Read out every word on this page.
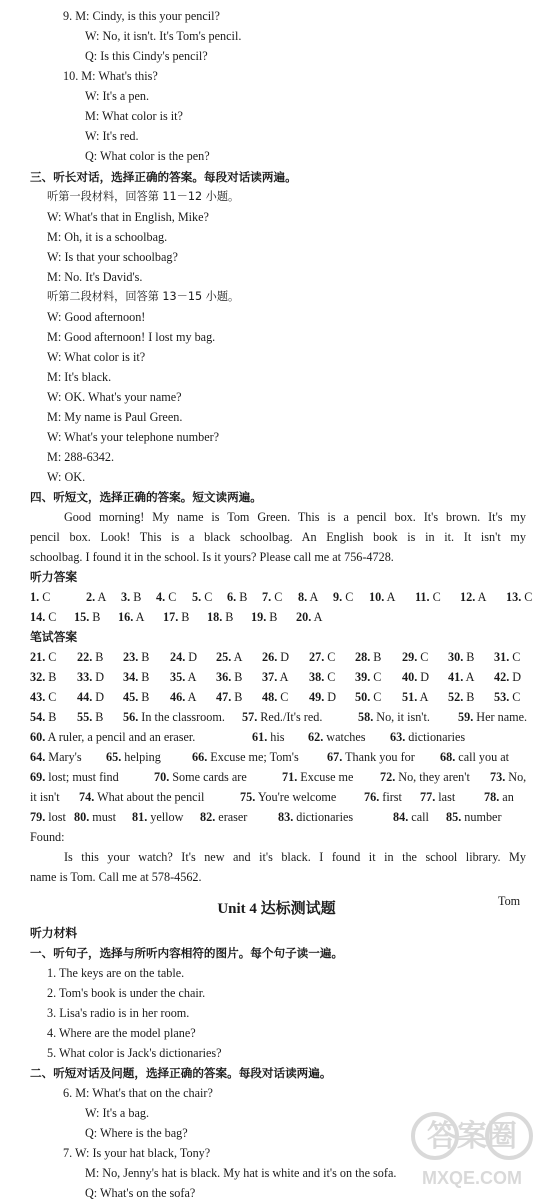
9. M: Cindy, is this your pencil?
W: No, it isn't. It's Tom's pencil.
Q: Is this Cindy's pencil?
10. M: What's this?
W: It's a pen.
M: What color is it?
W: It's red.
Q: What color is the pen?
三、听长对话，选择正确的答案。每段对话读两遍。
听第一段材料，回答第 11－12 小题。
W: What's that in English, Mike?
M: Oh, it is a schoolbag.
W: Is that your schoolbag?
M: No. It's David's.
听第二段材料，回答第 13－15 小题。
W: Good afternoon!
M: Good afternoon! I lost my bag.
W: What color is it?
M: It's black.
W: OK. What's your name?
M: My name is Paul Green.
W: What's your telephone number?
M: 288-6342.
W: OK.
四、听短文，选择正确的答案。短文读两遍。
Good morning! My name is Tom Green. This is a pencil box. It's brown. It's my
pencil box. Look! This is a black schoolbag. An English book is in it. It isn't my
schoolbag. I found it in the school. Is it yours? Please call me at 756-4728.
听力答案
1. C	2. A 3. B 4. C 5. C 6. B 7. C 8. A 9. C 10. A 11. C 12. A 13. C
14. C 15. B 16. A 17. B 18. B 19. B 20. A
笔试答案
21. C 22. B 23. B 24. D 25. A 26. D 27. C 28. B 29. C 30. B 31. C
32. B 33. D 34. B 35. A 36. B 37. A 38. C 39. C 40. D 41. A 42. D
43. C 44. D 45. B 46. A 47. B 48. C 49. D 50. C 51. A 52. B 53. C
54. B 55. B 56. In the classroom. 57. Red./It's red.	58. No, it isn't. 59. Her name.
60. A ruler, a pencil and an eraser.	61. his 62. watches 63. dictionaries
64. Mary's 65. helping	66. Excuse me; Tom's 67. Thank you for 68. call you at
69. lost; must find	70. Some cards are	71. Excuse me 72. No, they aren't 73. No,
it isn't 74. What about the pencil	75. You're welcome 76. first 77. last 78. an
79. lost 80. must 81. yellow 82. eraser	83. dictionaries	84. call 85. number
Found:
Is this your watch? It's new and it's black. I found it in the school library. My
name is Tom. Call me at 578-4562.
Tom
Unit 4 达标测试题
听力材料
一、听句子，选择与所听内容相符的图片。每个句子读一遍。
1. The keys are on the table.
2. Tom's book is under the chair.
3. Lisa's radio is in her room.
4. Where are the model plane?
5. What color is Jack's dictionaries?
二、听短对话及问题，选择正确的答案。每段对话读两遍。
6. M: What's that on the chair?
W: It's a bag.
Q: Where is the bag?
7. W: Is your hat black, Tony?
M: No, Jenny's hat is black. My hat is white and it's on the sofa.
Q: What's on the sofa?
答案圈
MXQE.COM
